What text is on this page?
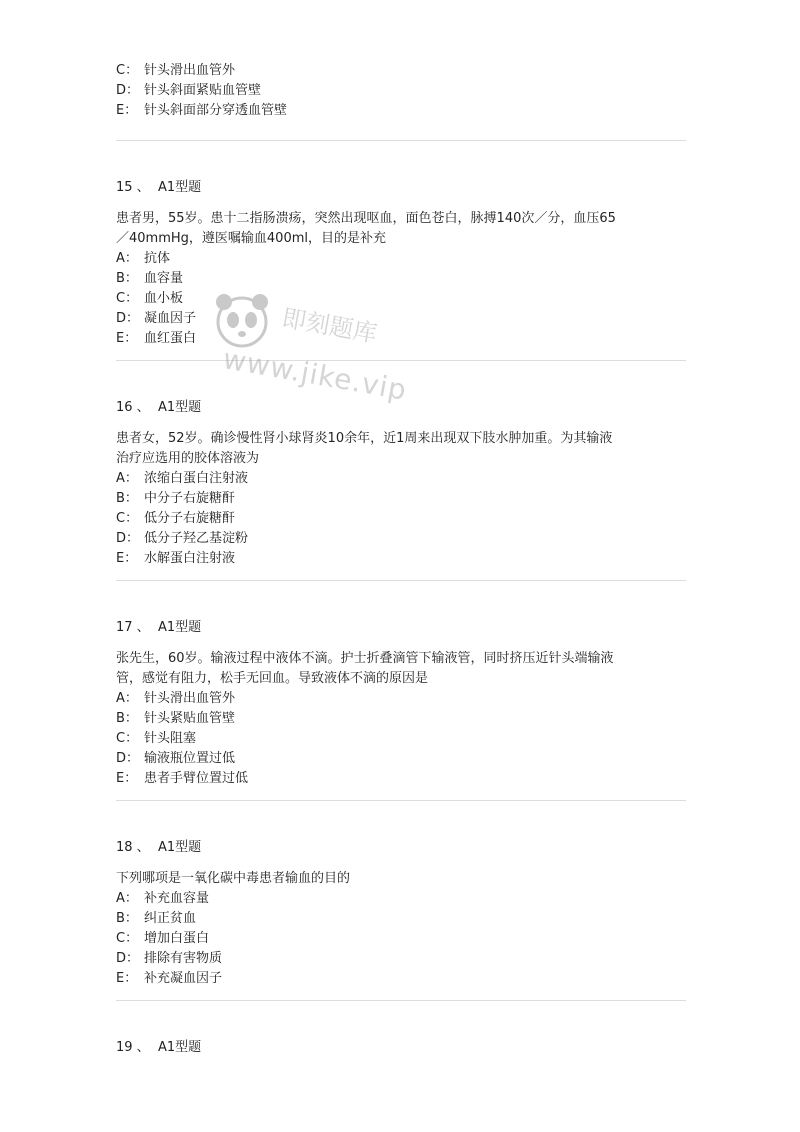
C： 针头滑出血管外
D： 针头斜面紧贴血管壁
E： 针头斜面部分穿透血管壁
15 、 A1型题
患者男，55岁。患十二指肠溃疡，突然出现呕血，面色苍白，脉搏140次／分，血压65
／40mmHg，遵医嘱输血400ml，目的是补充
A： 抗体
B： 血容量
C： 血小板
D： 凝血因子
E： 血红蛋白
16 、 A1型题
患者女，52岁。确诊慢性肾小球肾炎10余年，近1周来出现双下肢水肿加重。为其输液
治疗应选用的胶体溶液为
A： 浓缩白蛋白注射液
B： 中分子右旋糖酐
C： 低分子右旋糖酐
D： 低分子羟乙基淀粉
E： 水解蛋白注射液
17 、 A1型题
张先生，60岁。输液过程中液体不滴。护士折叠滴管下输液管，同时挤压近针头端输液
管，感觉有阻力，松手无回血。导致液体不滴的原因是
A： 针头滑出血管外
B： 针头紧贴血管壁
C： 针头阻塞
D： 输液瓶位置过低
E： 患者手臂位置过低
18 、 A1型题
下列哪项是一氧化碳中毒患者输血的目的
A： 补充血容量
B： 纠正贫血
C： 增加白蛋白
D： 排除有害物质
E： 补充凝血因子
19 、 A1型题
即刻题库
www.jike.vip
